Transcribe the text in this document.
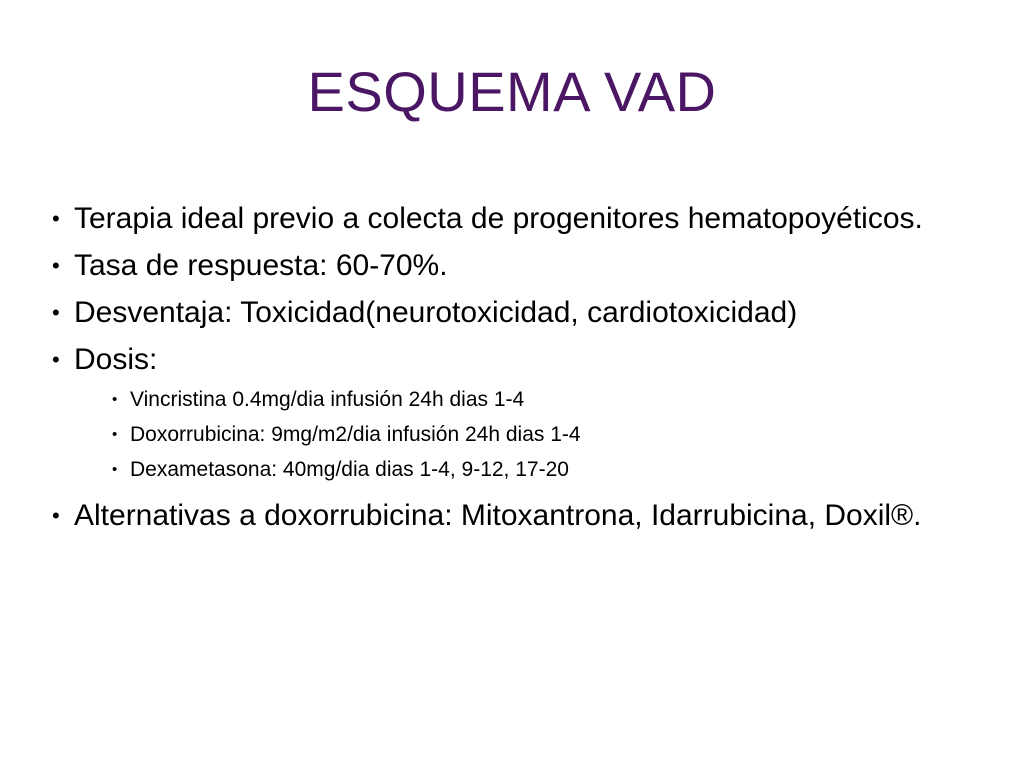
ESQUEMA VAD
• Terapia ideal previo a colecta de progenitores hematopoyéticos.
• Tasa de respuesta: 60-70%.
• Desventaja: Toxicidad(neurotoxicidad, cardiotoxicidad)
• Dosis:
• Vincristina 0.4mg/dia infusión 24h dias 1-4
• Doxorrubicina: 9mg/m2/dia infusión 24h dias 1-4
• Dexametasona: 40mg/dia dias 1-4, 9-12, 17-20
• Alternativas a doxorrubicina: Mitoxantrona, Idarrubicina, Doxil®.
